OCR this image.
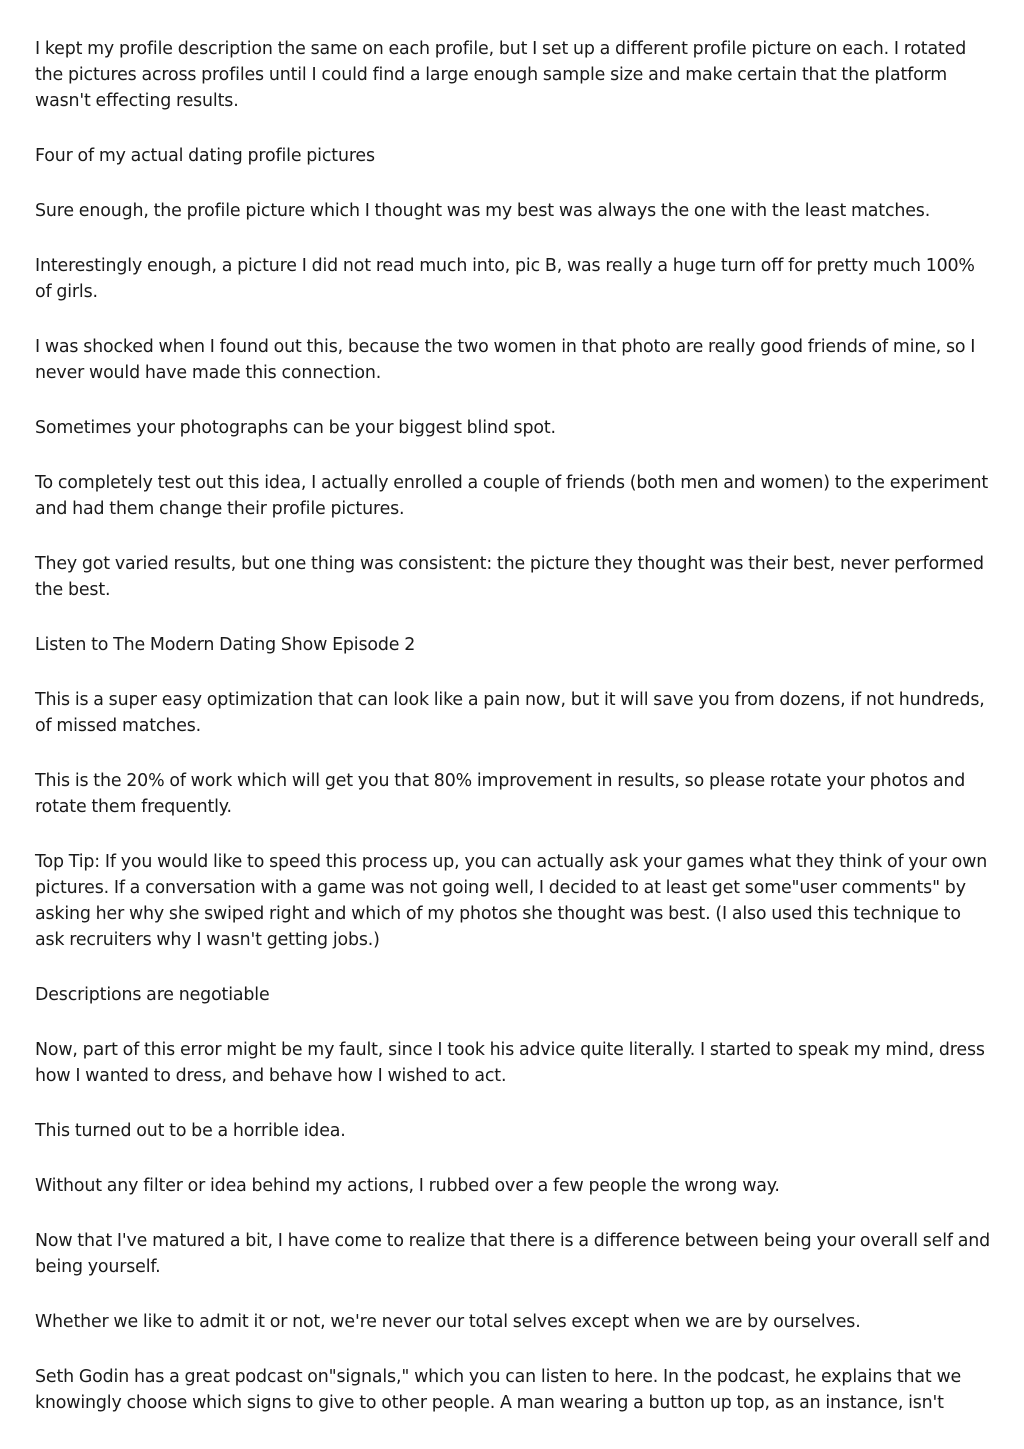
I kept my profile description the same on each profile, but I set up a different profile picture on each. I rotated the pictures across profiles until I could find a large enough sample size and make certain that the platform wasn't effecting results.

Four of my actual dating profile pictures

Sure enough, the profile picture which I thought was my best was always the one with the least matches.

Interestingly enough, a picture I did not read much into, pic B, was really a huge turn off for pretty much 100% of girls.

I was shocked when I found out this, because the two women in that photo are really good friends of mine, so I never would have made this connection.

Sometimes your photographs can be your biggest blind spot.

To completely test out this idea, I actually enrolled a couple of friends (both men and women) to the experiment and had them change their profile pictures.

They got varied results, but one thing was consistent: the picture they thought was their best, never performed the best.

Listen to The Modern Dating Show Episode 2

This is a super easy optimization that can look like a pain now, but it will save you from dozens, if not hundreds, of missed matches.

This is the 20% of work which will get you that 80% improvement in results, so please rotate your photos and rotate them frequently.

Top Tip: If you would like to speed this process up, you can actually ask your games what they think of your own pictures. If a conversation with a game was not going well, I decided to at least get some"user comments" by asking her why she swiped right and which of my photos she thought was best. (I also used this technique to ask recruiters why I wasn't getting jobs.)

Descriptions are negotiable

Now, part of this error might be my fault, since I took his advice quite literally. I started to speak my mind, dress how I wanted to dress, and behave how I wished to act.

This turned out to be a horrible idea.

Without any filter or idea behind my actions, I rubbed over a few people the wrong way.

Now that I've matured a bit, I have come to realize that there is a difference between being your overall self and being yourself.

Whether we like to admit it or not, we're never our total selves except when we are by ourselves.

Seth Godin has a great podcast on"signals," which you can listen to here. In the podcast, he explains that we knowingly choose which signs to give to other people. A man wearing a button up top, as an instance, isn't
